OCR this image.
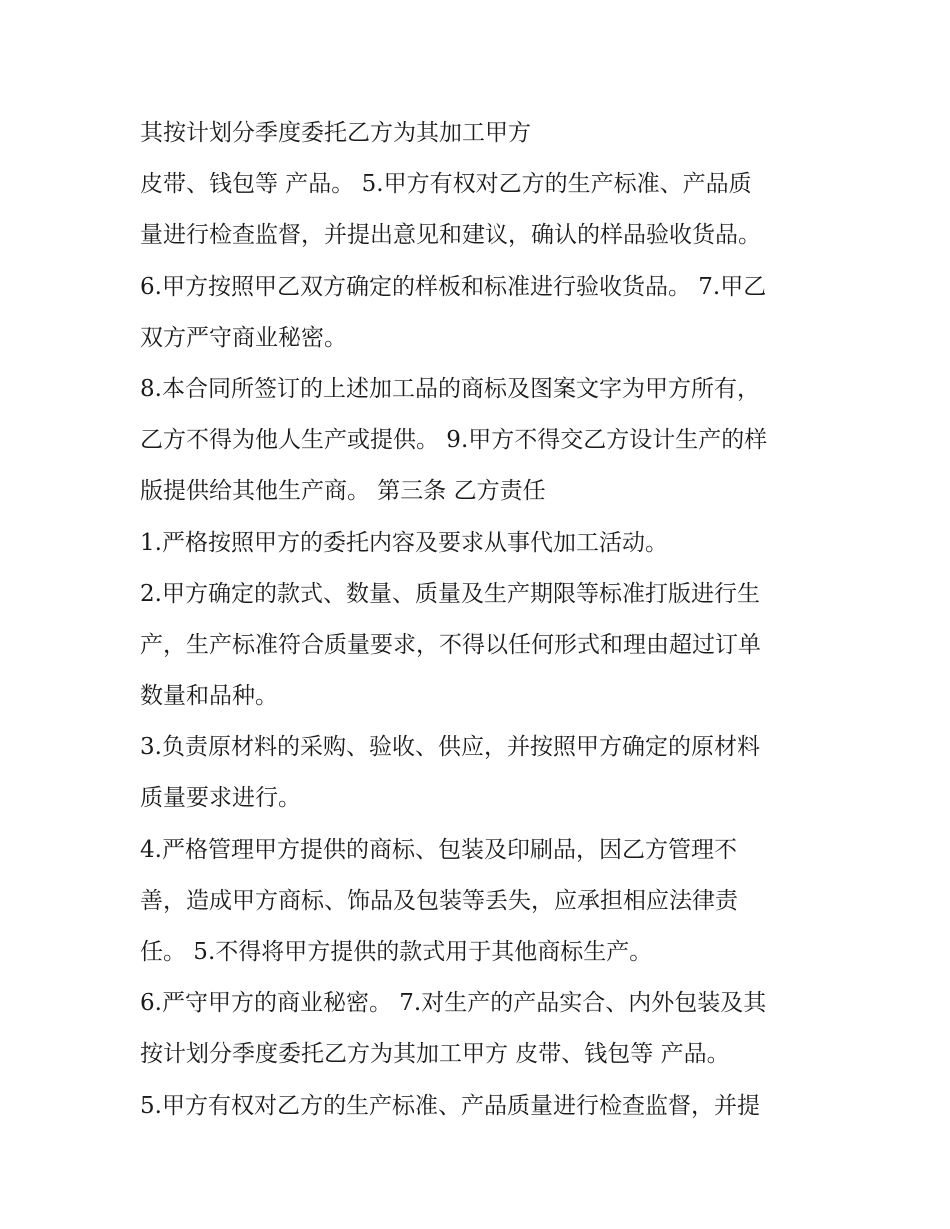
其按计划分季度委托乙方为其加工甲方
皮带、钱包等 产品。 5.甲方有权对乙方的生产标准、产品质
量进行检查监督，并提出意见和建议，确认的样品验收货品。
6.甲方按照甲乙双方确定的样板和标准进行验收货品。 7.甲乙
双方严守商业秘密。
8.本合同所签订的上述加工品的商标及图案文字为甲方所有，
乙方不得为他人生产或提供。 9.甲方不得交乙方设计生产的样
版提供给其他生产商。 第三条 乙方责任
1.严格按照甲方的委托内容及要求从事代加工活动。
2.甲方确定的款式、数量、质量及生产期限等标准打版进行生
产，生产标准符合质量要求，不得以任何形式和理由超过订单
数量和品种。
3.负责原材料的采购、验收、供应，并按照甲方确定的原材料
质量要求进行。
4.严格管理甲方提供的商标、包装及印刷品，因乙方管理不
善，造成甲方商标、饰品及包装等丢失，应承担相应法律责
任。 5.不得将甲方提供的款式用于其他商标生产。
6.严守甲方的商业秘密。 7.对生产的产品实合、内外包装及其
按计划分季度委托乙方为其加工甲方 皮带、钱包等 产品。
5.甲方有权对乙方的生产标准、产品质量进行检查监督，并提
